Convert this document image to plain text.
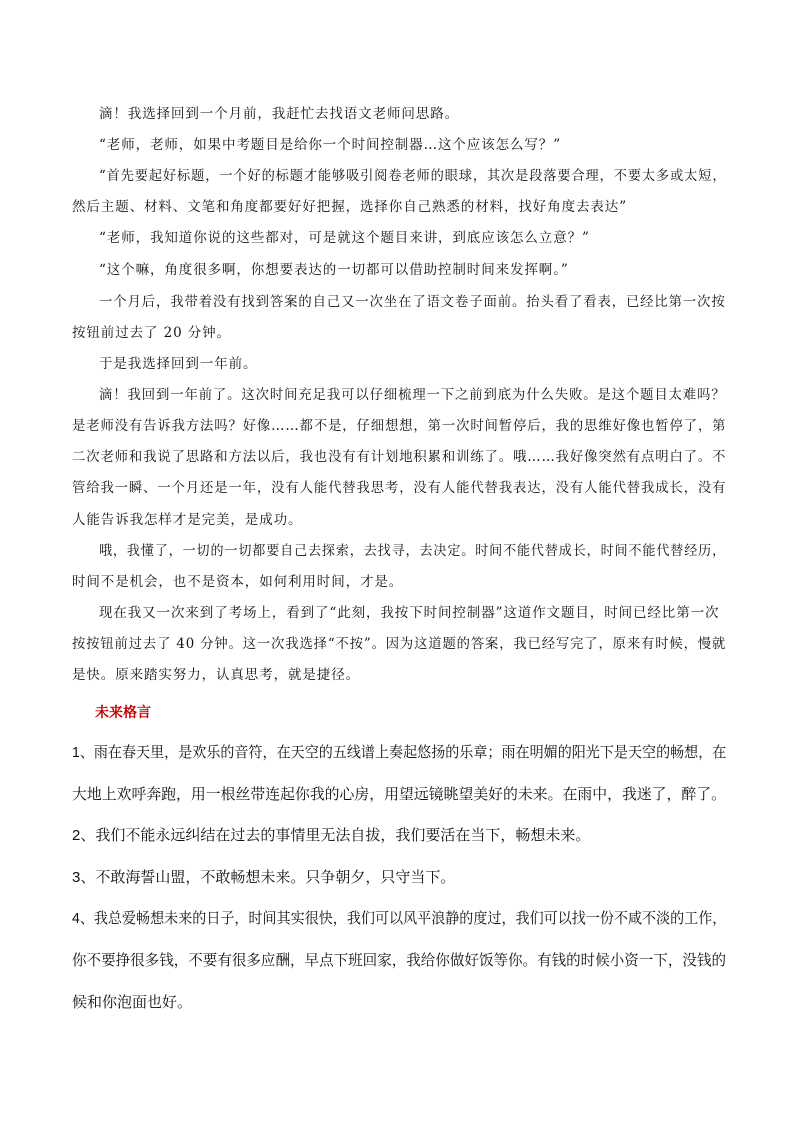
滴！我选择回到一个月前，我赶忙去找语文老师问思路。

“老师，老师，如果中考题目是给你一个时间控制器…这个应该怎么写？”

“首先要起好标题，一个好的标题才能够吸引阅卷老师的眼球，其次是段落要合理，不要太多或太短，

然后主题、材料、文笔和角度都要好好把握，选择你自己熟悉的材料，找好角度去表达”

“老师，我知道你说的这些都对，可是就这个题目来讲，到底应该怎么立意？”

“这个嘛，角度很多啊，你想要表达的一切都可以借助控制时间来发挥啊。”

一个月后，我带着没有找到答案的自己又一次坐在了语文卷子面前。抬头看了看表，已经比第一次按

按钮前过去了 20 分钟。

于是我选择回到一年前。

滴！我回到一年前了。这次时间充足我可以仔细梳理一下之前到底为什么失败。是这个题目太难吗？

是老师没有告诉我方法吗？好像……都不是，仔细想想，第一次时间暂停后，我的思维好像也暂停了，第

二次老师和我说了思路和方法以后，我也没有有计划地积累和训练了。哦……我好像突然有点明白了。不

管给我一瞬、一个月还是一年，没有人能代替我思考，没有人能代替我表达，没有人能代替我成长，没有

人能告诉我怎样才是完美，是成功。

哦，我懂了，一切的一切都要自己去探索，去找寻，去决定。时间不能代替成长，时间不能代替经历，

时间不是机会，也不是资本，如何利用时间，才是。

现在我又一次来到了考场上，看到了“此刻，我按下时间控制器”这道作文题目，时间已经比第一次

按按钮前过去了 40 分钟。这一次我选择“不按”。因为这道题的答案，我已经写完了，原来有时候，慢就

是快。原来踏实努力，认真思考，就是捷径。

未来格言

1、雨在春天里，是欢乐的音符，在天空的五线谱上奏起悠扬的乐章；雨在明媚的阳光下是天空的畅想，在

大地上欢呼奔跑，用一根丝带连起你我的心房，用望远镜眺望美好的未来。在雨中，我迷了，醉了。

2、我们不能永远纠结在过去的事情里无法自拔，我们要活在当下，畅想未来。

3、不敢海誓山盟，不敢畅想未来。只争朝夕，只守当下。

4、我总爱畅想未来的日子，时间其实很快，我们可以风平浪静的度过，我们可以找一份不咸不淡的工作，

你不要挣很多钱，不要有很多应酬，早点下班回家，我给你做好饭等你。有钱的时候小资一下，没钱的

候和你泡面也好。
